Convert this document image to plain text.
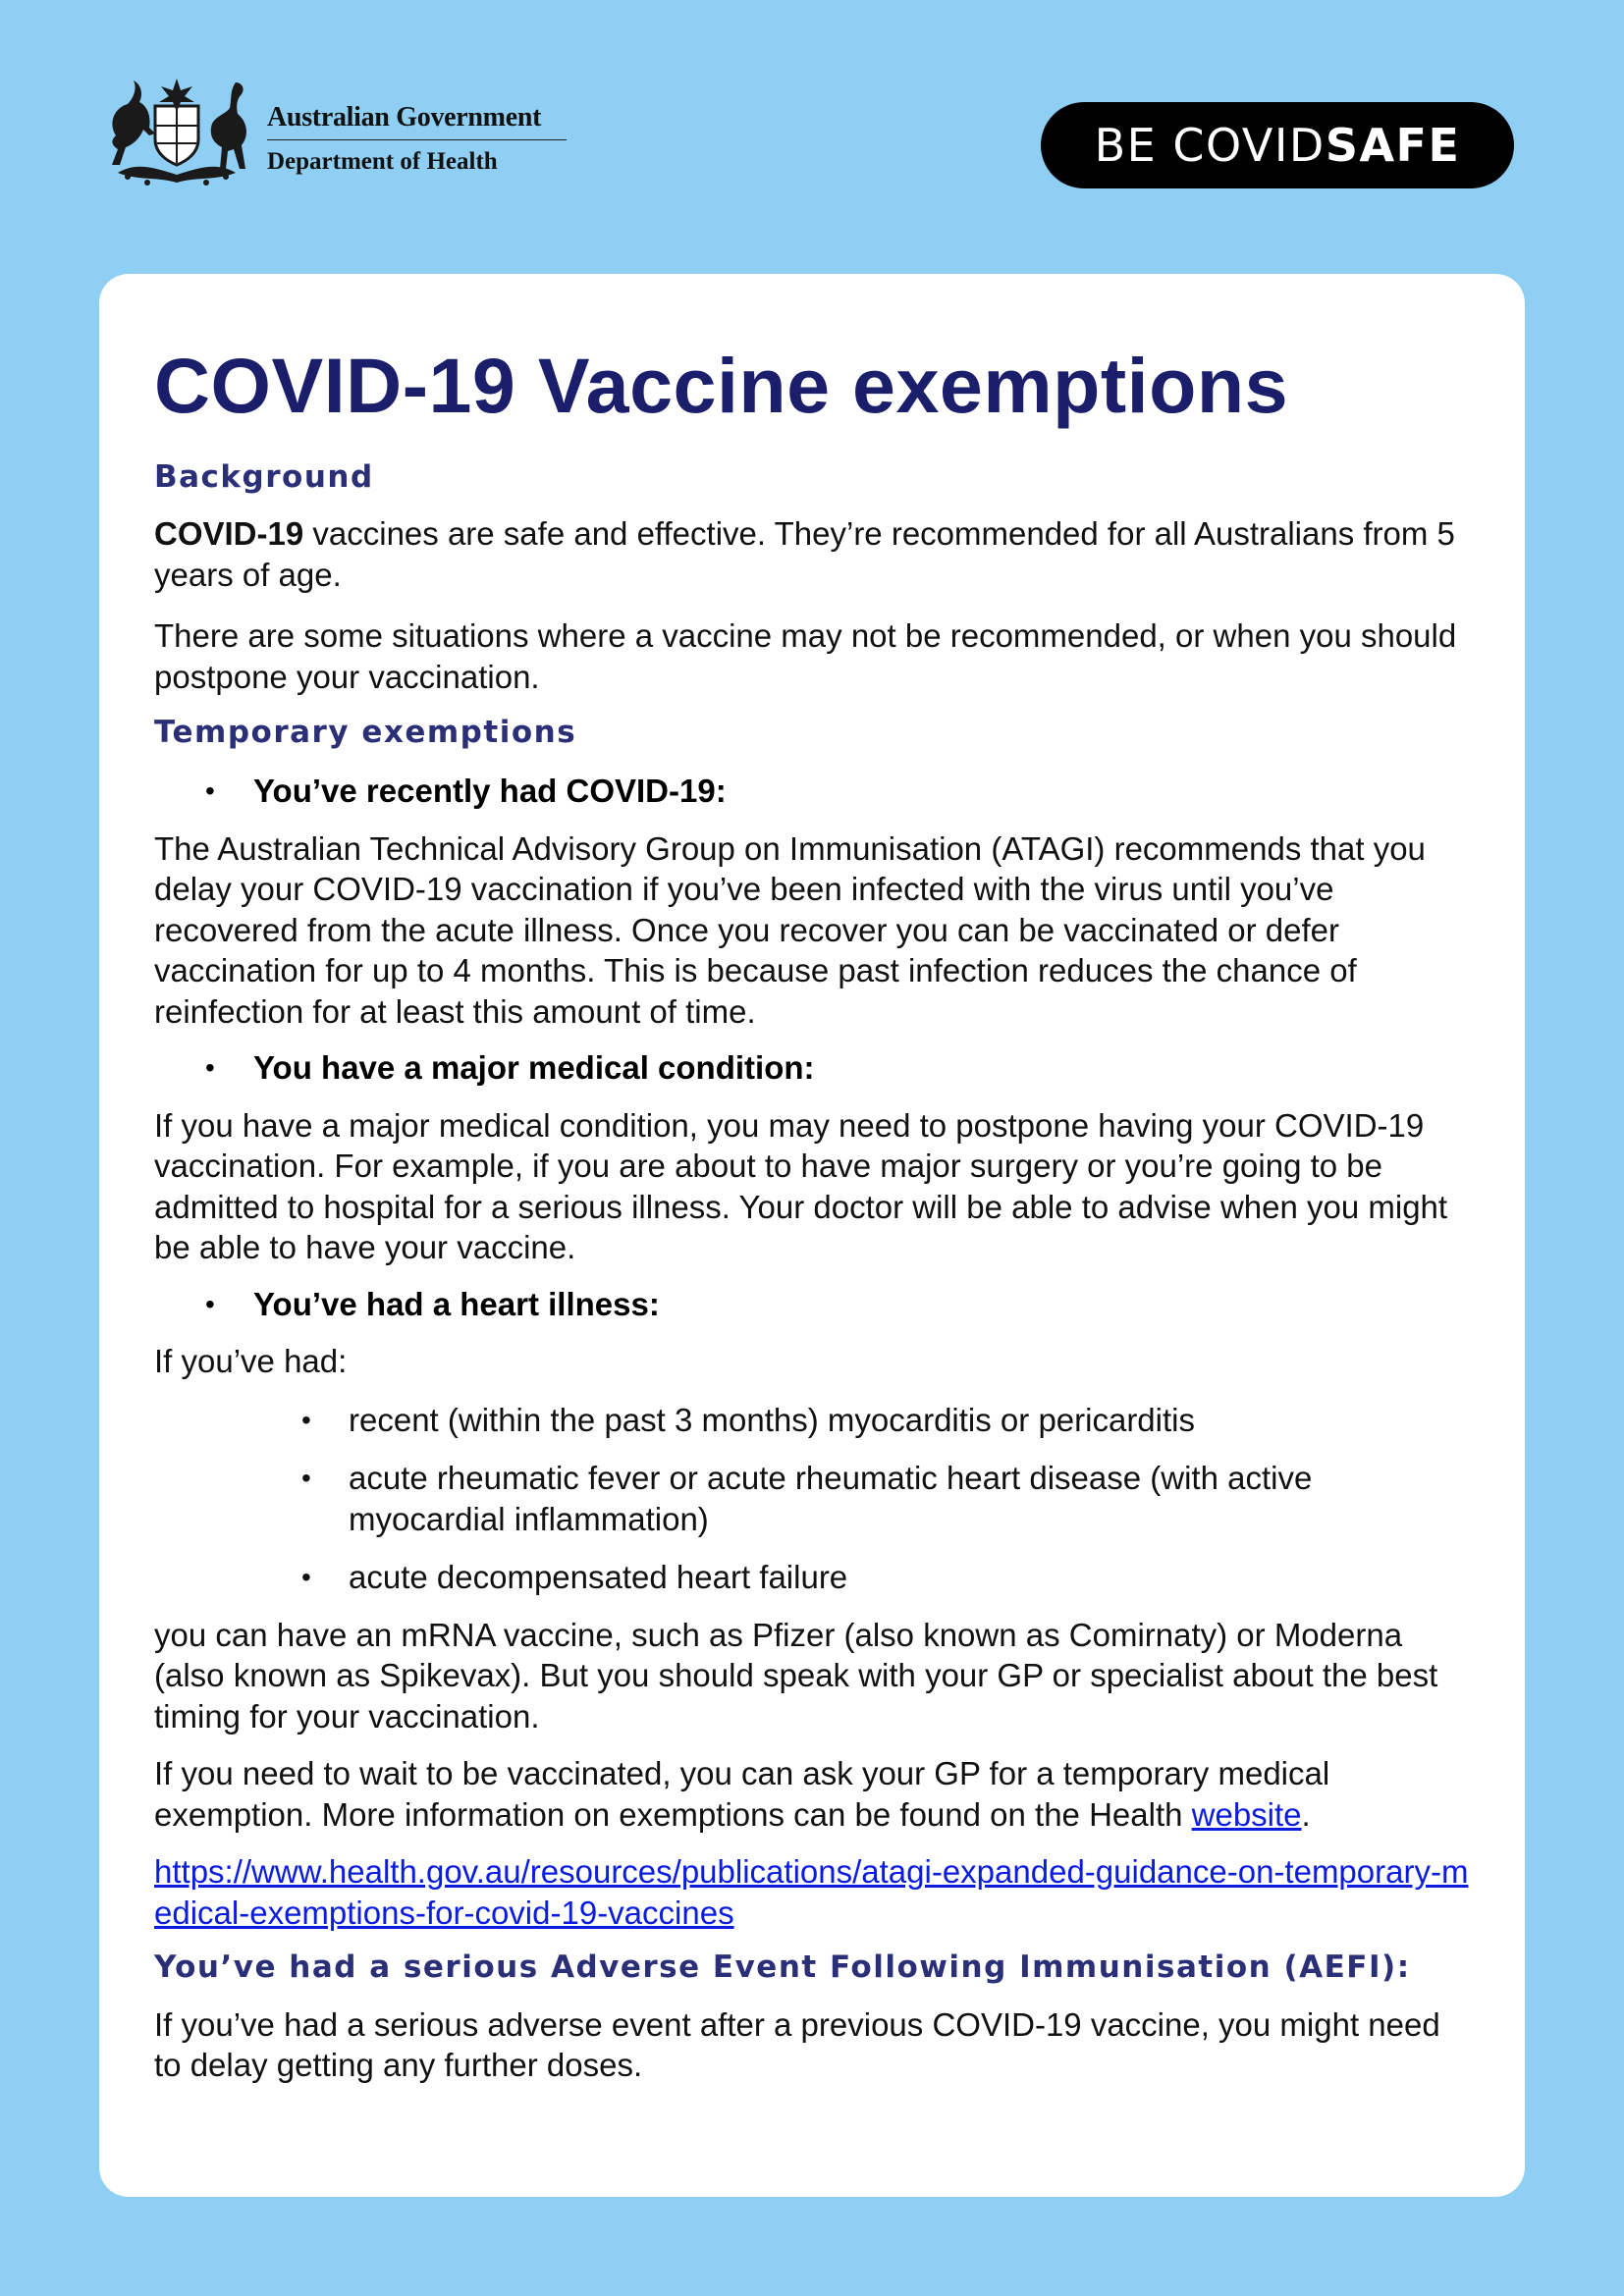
Australian Government
Department of Health	BE COVIDSAFE
COVID-19 Vaccine exemptions
Background

COVID-19 vaccines are safe and effective. They’re recommended for all Australians from 5 years of age.

There are some situations where a vaccine may not be recommended, or when you should postpone your vaccination.

Temporary exemptions
• You’ve recently had COVID-19:

The Australian Technical Advisory Group on Immunisation (ATAGI) recommends that you delay your COVID-19 vaccination if you’ve been infected with the virus until you’ve recovered from the acute illness. Once you recover you can be vaccinated or defer vaccination for up to 4 months. This is because past infection reduces the chance of reinfection for at least this amount of time.

• You have a major medical condition:

If you have a major medical condition, you may need to postpone having your COVID-19 vaccination. For example, if you are about to have major surgery or you’re going to be admitted to hospital for a serious illness. Your doctor will be able to advise when you might be able to have your vaccine.

• You’ve had a heart illness:

If you’ve had:

• recent (within the past 3 months) myocarditis or pericarditis
• acute rheumatic fever or acute rheumatic heart disease (with active myocardial inflammation)
• acute decompensated heart failure

you can have an mRNA vaccine, such as Pfizer (also known as Comirnaty) or Moderna (also known as Spikevax). But you should speak with your GP or specialist about the best timing for your vaccination.

If you need to wait to be vaccinated, you can ask your GP for a temporary medical exemption. More information on exemptions can be found on the Health website.

https://www.health.gov.au/resources/publications/atagi-expanded-guidance-on-temporary-medical-exemptions-for-covid-19-vaccines

You’ve had a serious Adverse Event Following Immunisation (AEFI):

If you’ve had a serious adverse event after a previous COVID-19 vaccine, you might need to delay getting any further doses.
